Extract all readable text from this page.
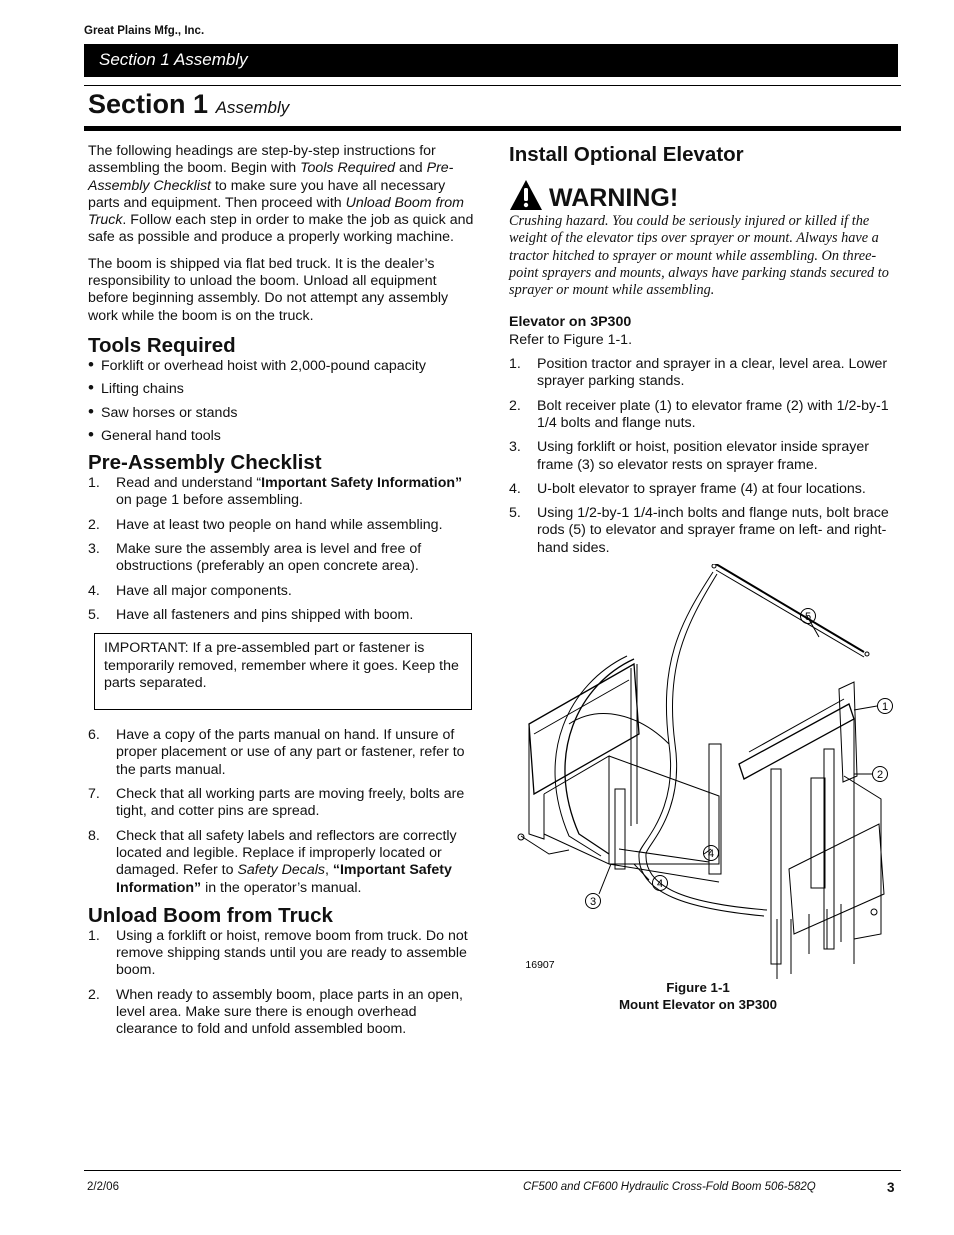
Great Plains Mfg., Inc.
Section 1 Assembly
Section 1 Assembly

The following headings are step-by-step instructions for assembling the boom. Begin with Tools Required and Pre-Assembly Checklist to make sure you have all necessary parts and equipment. Then proceed with Unload Boom from Truck. Follow each step in order to make the job as quick and safe as possible and produce a properly working machine.

The boom is shipped via flat bed truck. It is the dealer’s responsibility to unload the boom. Unload all equipment before beginning assembly. Do not attempt any assembly work while the boom is on the truck.

Tools Required
• Forklift or overhead hoist with 2,000-pound capacity
• Lifting chains
• Saw horses or stands
• General hand tools
Pre-Assembly Checklist
1. Read and understand “Important Safety Information” on page 1 before assembling.
2. Have at least two people on hand while assembling.
3. Make sure the assembly area is level and free of obstructions (preferably an open concrete area).
4. Have all major components.
5. Have all fasteners and pins shipped with boom.
IMPORTANT: If a pre-assembled part or fastener is temporarily removed, remember where it goes. Keep the parts separated.
6. Have a copy of the parts manual on hand. If unsure of proper placement or use of any part or fastener, refer to the parts manual.
7. Check that all working parts are moving freely, bolts are tight, and cotter pins are spread.
8. Check that all safety labels and reflectors are correctly located and legible. Replace if improperly located or damaged. Refer to Safety Decals, “Important Safety Information” in the operator’s manual.
Unload Boom from Truck
1. Using a forklift or hoist, remove boom from truck. Do not remove shipping stands until you are ready to assemble boom.
2. When ready to assembly boom, place parts in an open, level area. Make sure there is enough overhead clearance to fold and unfold assembled boom.
Install Optional Elevator
WARNING!
Crushing hazard. You could be seriously injured or killed if the weight of the elevator tips over sprayer or mount. Always have a tractor hitched to sprayer or mount while assembling. On three-point sprayers and mounts, always have parking stands secured to sprayer or mount while assembling.
Elevator on 3P300

Refer to Figure 1-1.

1. Position tractor and sprayer in a clear, level area. Lower sprayer parking stands.
2. Bolt receiver plate (1) to elevator frame (2) with 1/2-by-1 1/4 bolts and flange nuts.
3. Using forklift or hoist, position elevator inside sprayer frame (3) so elevator rests on sprayer frame.
4. U-bolt elevator to sprayer frame (4) at four locations.
5. Using 1/2-by-1 1/4-inch bolts and flange nuts, bolt brace rods (5) to elevator and sprayer frame on left- and right-hand sides.
5
1
2
4
4
3
16907
Figure 1-1
Mount Elevator on 3P300
2/2/06	CF500 and CF600 Hydraulic Cross-Fold Boom 506-582Q	3
